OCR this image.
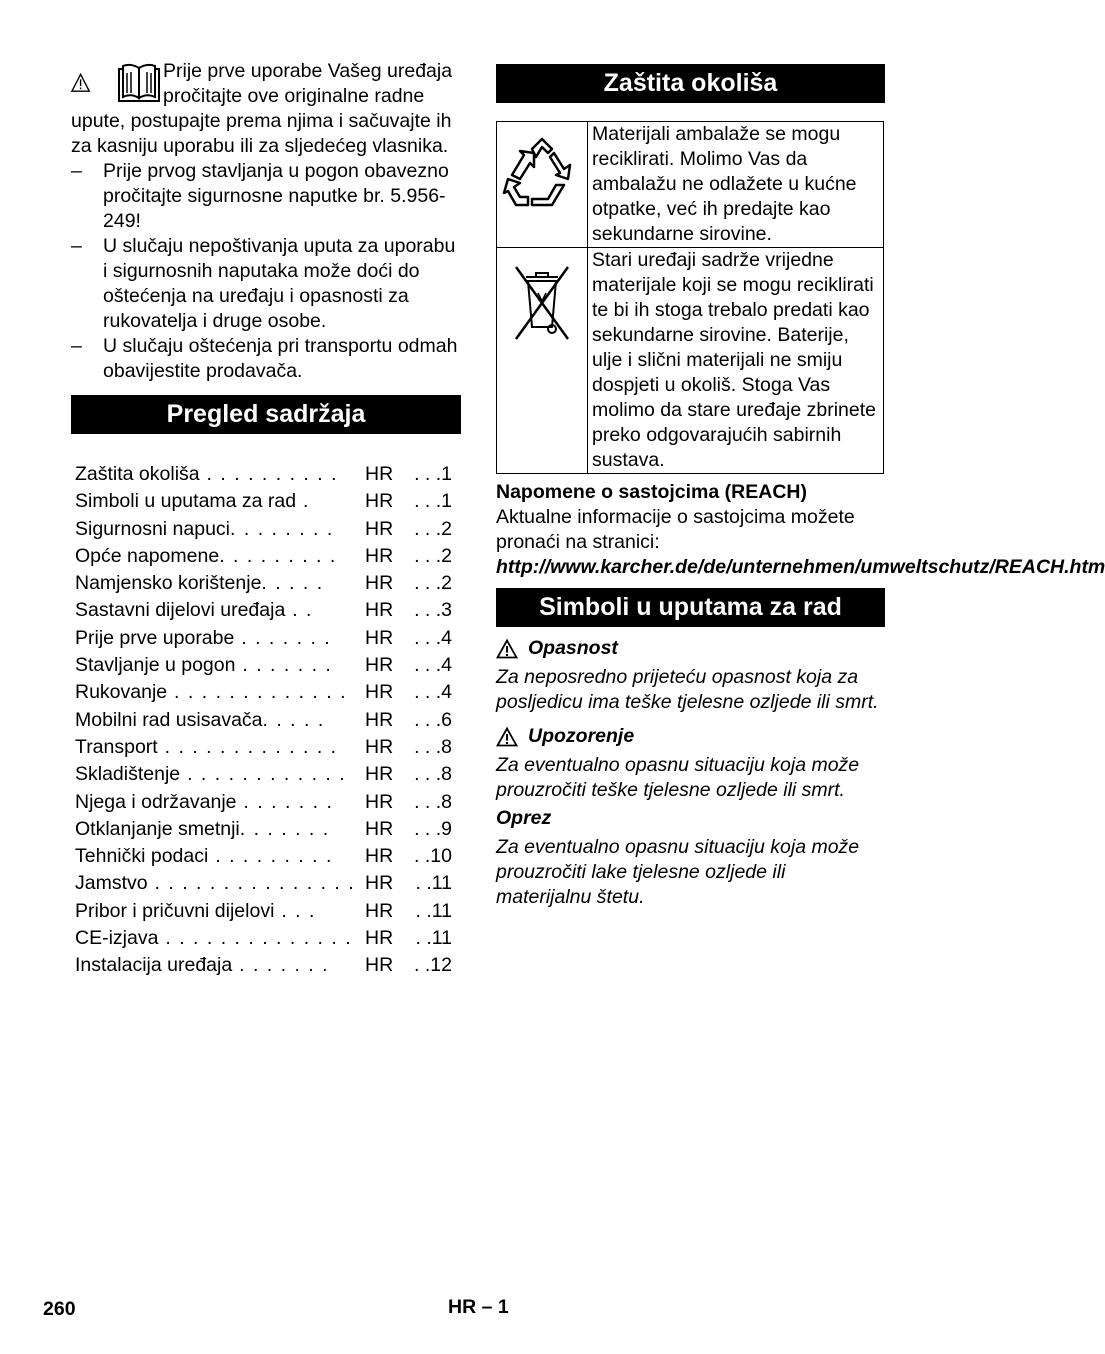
Prije prve uporabe Vašeg uređaja pročitajte ove originalne radne upute, postupajte prema njima i sačuvajte ih za kasniju uporabu ili za sljedećeg vlasnika.

– Prije prvog stavljanja u pogon obavezno pročitajte sigurnosne naputke br. 5.956-249!
– U slučaju nepoštivanja uputa za uporabu i sigurnosnih naputaka može doći do oštećenja na uređaju i opasnosti za rukovatelja i druge osobe.
– U slučaju oštećenja pri transportu odmah obavijestite prodavača.
Pregled sadržaja
Zaštita okoliša . . . . . . . . . . HR	. . .1
Simboli u uputama za rad .	HR	. . .1
Sigurnosni napuci. . . . . . . . HR	. . .2
Opće napomene. . . . . . . . . HR	. . .2
Namjensko korištenje. . . . . HR	. . .2
Sastavni dijelovi uređaja . .	HR	. . .3
Prije prve uporabe . . . . . . . HR	. . .4
Stavljanje u pogon . . . . . . . HR	. . .4
Rukovanje . . . . . . . . . . . . . HR	. . .4
Mobilni rad usisavača. . . . . HR	. . .6
Transport . . . . . . . . . . . . . HR	. . .8
Skladištenje . . . . . . . . . . . . HR	. . .8
Njega i održavanje . . . . . . . HR	. . .8
Otklanjanje smetnji. . . . . . . HR	. . .9
Tehnički podaci . . . . . . . . . HR	. .10
Jamstvo . . . . . . . . . . . . . . . HR	. .11
Pribor i pričuvni dijelovi . . .	HR	. .11
CE-izjava . . . . . . . . . . . . . . HR	. .11
Instalacija uređaja . . . . . . . HR	. .12
Zaštita okoliša
	Materijali ambalaže se mogu reciklirati. Molimo Vas da ambalažu ne odlažete u kućne otpatke, već ih predajte kao sekundarne sirovine.
	Stari uređaji sadrže vrijedne materijale koji se mogu reciklirati te bi ih stoga trebalo predati kao sekundarne sirovine. Baterije, ulje i slični materijali ne smiju dospjeti u okoliš. Stoga Vas molimo da stare uređaje zbrinete preko odgovarajućih sabirnih sustava.
Napomene o sastojcima (REACH)

Aktualne informacije o sastojcima možete pronaći na stranici:

http://www.karcher.de/de/unternehmen/umweltschutz/REACH.htm

Simboli u uputama za rad
Opasnost

Za neposredno prijeteću opasnost koja za posljedicu ima teške tjelesne ozljede ili smrt.

Upozorenje

Za eventualno opasnu situaciju koja može prouzročiti teške tjelesne ozljede ili smrt.

Oprez

Za eventualno opasnu situaciju koja može prouzročiti lake tjelesne ozljede ili materijalnu štetu.

260	HR – 1
